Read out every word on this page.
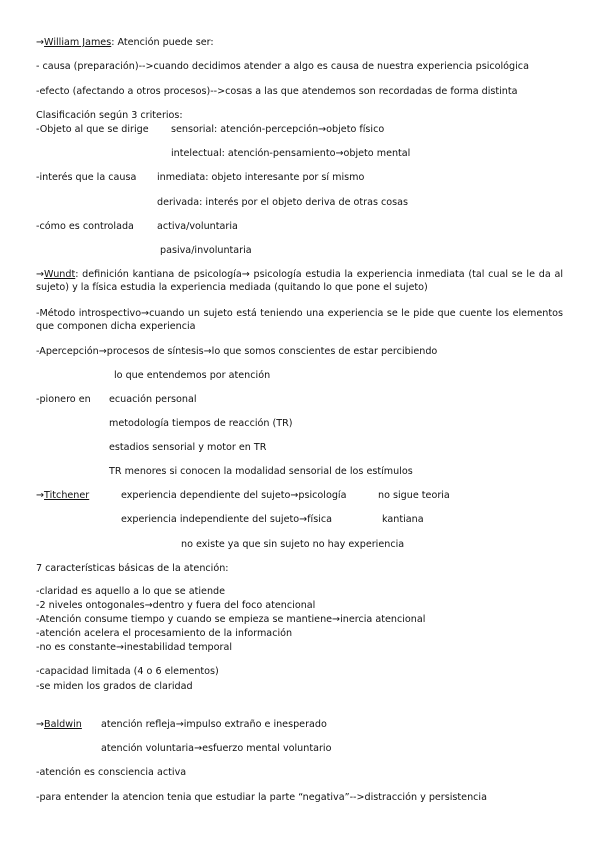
→William James: Atención puede ser:
- causa (preparación)-->cuando decidimos atender a algo es causa de nuestra experiencia psicológica
-efecto (afectando a otros procesos)-->cosas a las que atendemos son recordadas de forma distinta
Clasificación según 3 criterios:
-Objeto al que se dirige sensorial: atención-percepción→objeto físico
intelectual: atención-pensamiento→objeto mental
-interés que la causa inmediata: objeto interesante por sí mismo
derivada: interés por el objeto deriva de otras cosas
-cómo es controlada activa/voluntaria
pasiva/involuntaria
→Wundt: definición kantiana de psicología→ psicología estudia la experiencia inmediata (tal cual se le da al sujeto) y la física estudia la experiencia mediada (quitando lo que pone el sujeto)
-Método introspectivo→cuando un sujeto está teniendo una experiencia se le pide que cuente los elementos que componen dicha experiencia
-Apercepción→procesos de síntesis→lo que somos conscientes de estar percibiendo
lo que entendemos por atención
-pionero en ecuación personal
metodología tiempos de reacción (TR)
estadios sensorial y motor en TR
TR menores si conocen la modalidad sensorial de los estímulos
→Titchener	experiencia dependiente del sujeto→psicología	no sigue teoria
experiencia independiente del sujeto→física	kantiana
no existe ya que sin sujeto no hay experiencia
7 características básicas de la atención:
-claridad es aquello a lo que se atiende
-2 niveles ontogonales→dentro y fuera del foco atencional
-Atención consume tiempo y cuando se empieza se mantiene→inercia atencional
-atención acelera el procesamiento de la información
-no es constante→inestabilidad temporal
-capacidad limitada (4 o 6 elementos)
-se miden los grados de claridad
→Baldwin atención refleja→impulso extraño e inesperado
atención voluntaria→esfuerzo mental voluntario
-atención es consciencia activa
-para entender la atencion tenia que estudiar la parte “negativa”-->distracción y persistencia
